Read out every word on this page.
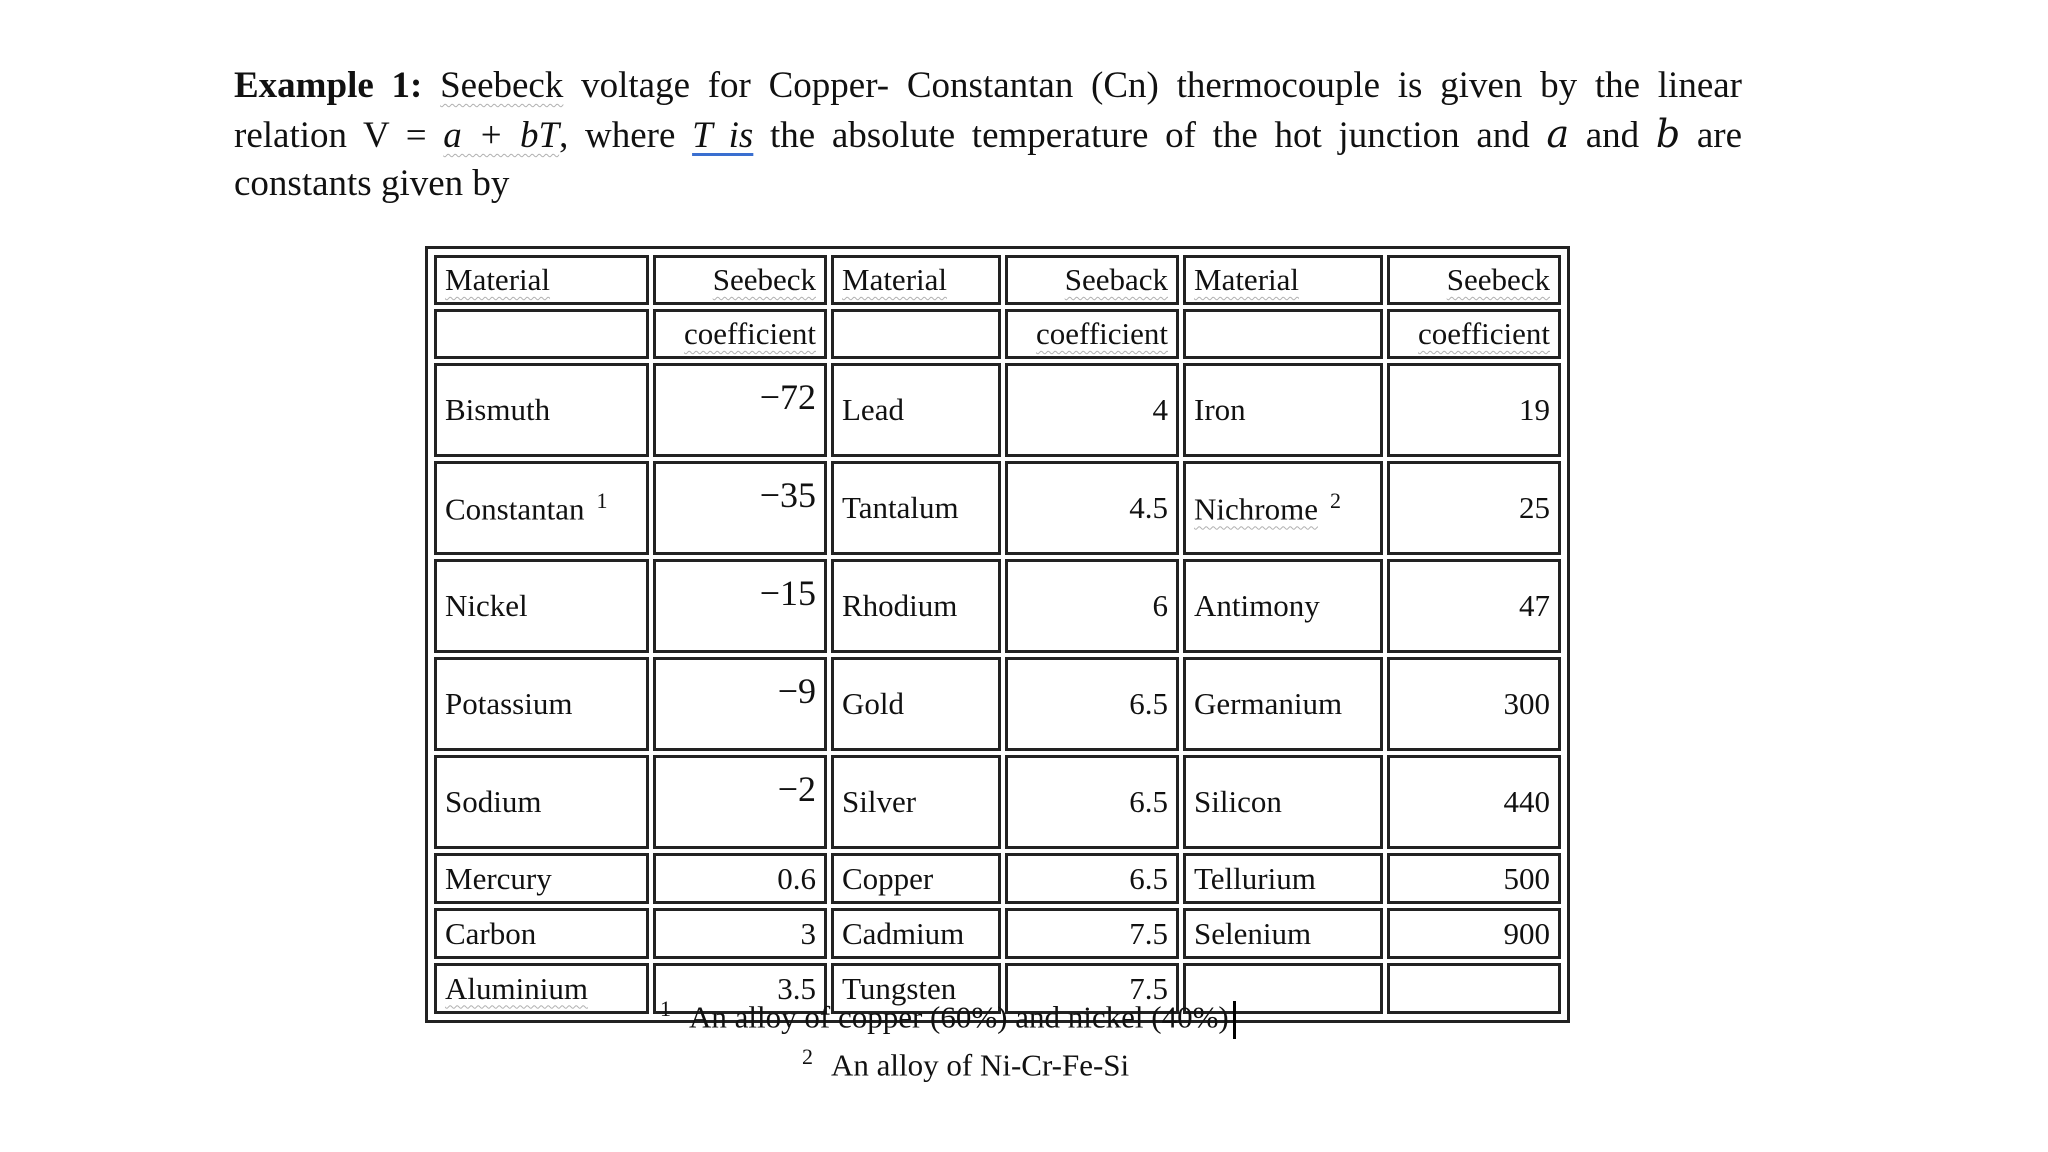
Example 1: Seebeck voltage for Copper- Constantan (Cn) thermocouple is given by the linear
relation V = a + bT, where T is the absolute temperature of the hot junction and a and b are
constants given by
Material	Seebeck	Material	Seeback	Material	Seebeck
	coefficient		coefficient		coefficient
Bismuth	−72	Lead	4	Iron	19
Constantan $^1$	−35	Tantalum	4.5	Nichrome $^2$	25
Nickel	−15	Rhodium	6	Antimony	47
Potassium	−9	Gold	6.5	Germanium	300
Sodium	−2	Silver	6.5	Silicon	440
Mercury	0.6	Copper	6.5	Tellurium	500
Carbon	3	Cadmium	7.5	Selenium	900
Aluminium	3.5	Tungsten	7.5		
$^1$ An alloy of copper (60%) and nickel (40%)
$^2$ An alloy of Ni-Cr-Fe-Si
